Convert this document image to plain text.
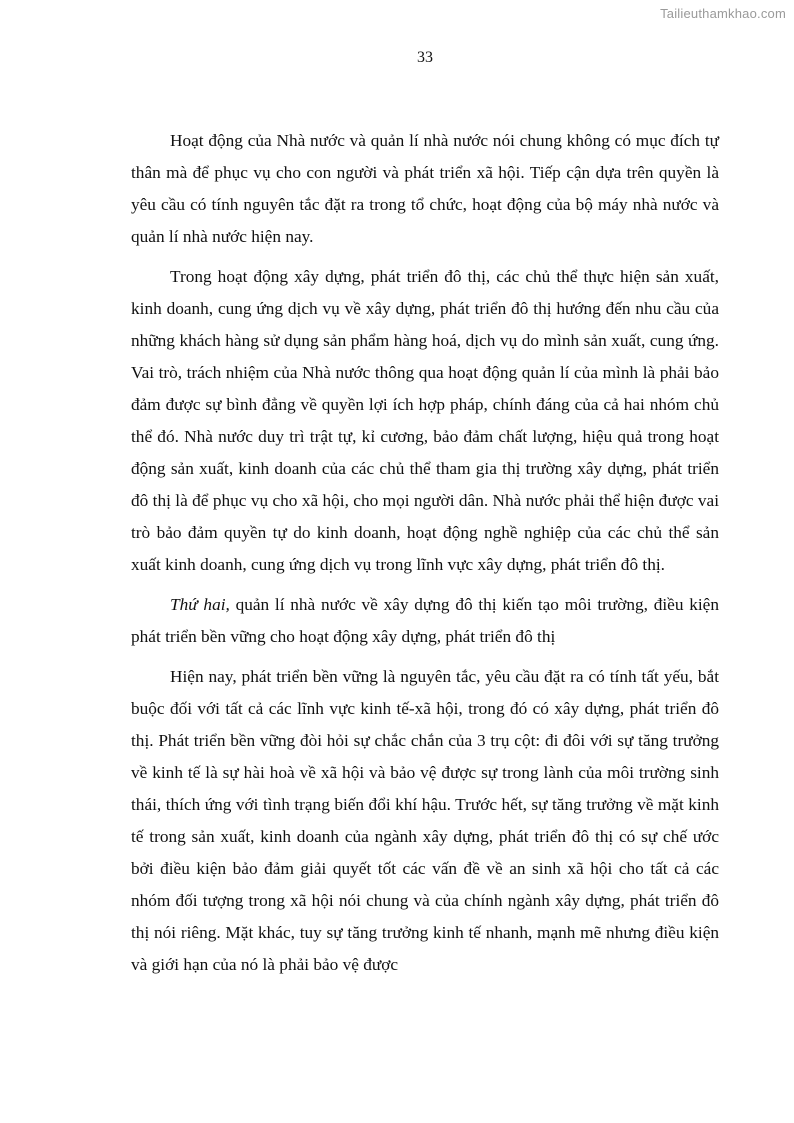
Tailieuthamkhao.com
33

Hoạt động của Nhà nước và quản lí nhà nước nói chung không có mục đích tự thân mà để phục vụ cho con người và phát triển xã hội. Tiếp cận dựa trên quyền là yêu cầu có tính nguyên tắc đặt ra trong tổ chức, hoạt động của bộ máy nhà nước và quản lí nhà nước hiện nay.

Trong hoạt động xây dựng, phát triển đô thị, các chủ thể thực hiện sản xuất, kinh doanh, cung ứng dịch vụ về xây dựng, phát triển đô thị hướng đến nhu cầu của những khách hàng sử dụng sản phẩm hàng hoá, dịch vụ do mình sản xuất, cung ứng. Vai trò, trách nhiệm của Nhà nước thông qua hoạt động quản lí của mình là phải bảo đảm được sự bình đẳng về quyền lợi ích hợp pháp, chính đáng của cả hai nhóm chủ thể đó. Nhà nước duy trì trật tự, kỉ cương, bảo đảm chất lượng, hiệu quả trong hoạt động sản xuất, kinh doanh của các chủ thể tham gia thị trường xây dựng, phát triển đô thị là để phục vụ cho xã hội, cho mọi người dân. Nhà nước phải thể hiện được vai trò bảo đảm quyền tự do kinh doanh, hoạt động nghề nghiệp của các chủ thể sản xuất kinh doanh, cung ứng dịch vụ trong lĩnh vực xây dựng, phát triển đô thị.

Thứ hai, quản lí nhà nước về xây dựng đô thị kiến tạo môi trường, điều kiện phát triển bền vững cho hoạt động xây dựng, phát triển đô thị

Hiện nay, phát triển bền vững là nguyên tắc, yêu cầu đặt ra có tính tất yếu, bắt buộc đối với tất cả các lĩnh vực kinh tế-xã hội, trong đó có xây dựng, phát triển đô thị. Phát triển bền vững đòi hỏi sự chắc chắn của 3 trụ cột: đi đôi với sự tăng trưởng về kinh tế là sự hài hoà về xã hội và bảo vệ được sự trong lành của môi trường sinh thái, thích ứng với tình trạng biến đổi khí hậu. Trước hết, sự tăng trưởng về mặt kinh tế trong sản xuất, kinh doanh của ngành xây dựng, phát triển đô thị có sự chế ước bởi điều kiện bảo đảm giải quyết tốt các vấn đề về an sinh xã hội cho tất cả các nhóm đối tượng trong xã hội nói chung và của chính ngành xây dựng, phát triển đô thị nói riêng. Mặt khác, tuy sự tăng trưởng kinh tế nhanh, mạnh mẽ nhưng điều kiện và giới hạn của nó là phải bảo vệ được
